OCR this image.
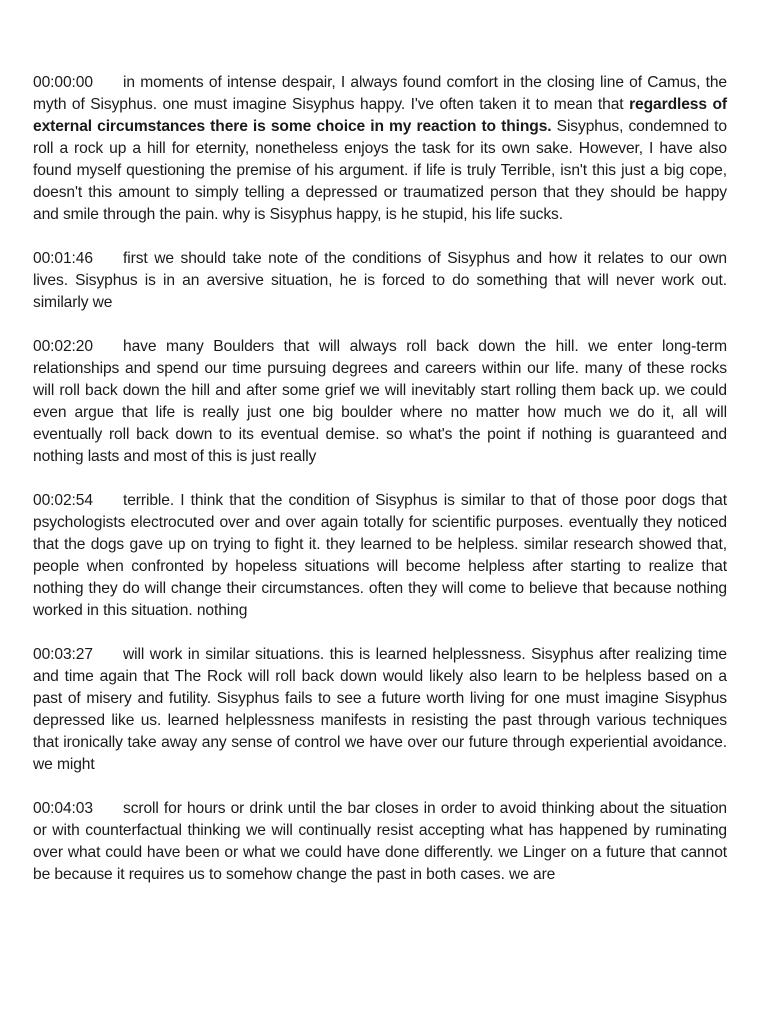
00:00:00 in moments of intense despair, I always found comfort in the closing line of Camus, the myth of Sisyphus. one must imagine Sisyphus happy. I've often taken it to mean that regardless of external circumstances there is some choice in my reaction to things. Sisyphus, condemned to roll a rock up a hill for eternity, nonetheless enjoys the task for its own sake. However, I have also found myself questioning the premise of his argument. if life is truly Terrible, isn't this just a big cope, doesn't this amount to simply telling a depressed or traumatized person that they should be happy and smile through the pain. why is Sisyphus happy, is he stupid, his life sucks.

00:01:46 first we should take note of the conditions of Sisyphus and how it relates to our own lives. Sisyphus is in an aversive situation, he is forced to do something that will never work out. similarly we

00:02:20 have many Boulders that will always roll back down the hill. we enter long-term relationships and spend our time pursuing degrees and careers within our life. many of these rocks will roll back down the hill and after some grief we will inevitably start rolling them back up. we could even argue that life is really just one big boulder where no matter how much we do it, all will eventually roll back down to its eventual demise. so what's the point if nothing is guaranteed and nothing lasts and most of this is just really

00:02:54 terrible. I think that the condition of Sisyphus is similar to that of those poor dogs that psychologists electrocuted over and over again totally for scientific purposes. eventually they noticed that the dogs gave up on trying to fight it. they learned to be helpless. similar research showed that, people when confronted by hopeless situations will become helpless after starting to realize that nothing they do will change their circumstances. often they will come to believe that because nothing worked in this situation. nothing

00:03:27 will work in similar situations. this is learned helplessness. Sisyphus after realizing time and time again that The Rock will roll back down would likely also learn to be helpless based on a past of misery and futility. Sisyphus fails to see a future worth living for one must imagine Sisyphus depressed like us. learned helplessness manifests in resisting the past through various techniques that ironically take away any sense of control we have over our future through experiential avoidance. we might

00:04:03 scroll for hours or drink until the bar closes in order to avoid thinking about the situation or with counterfactual thinking we will continually resist accepting what has happened by ruminating over what could have been or what we could have done differently. we Linger on a future that cannot be because it requires us to somehow change the past in both cases. we are
